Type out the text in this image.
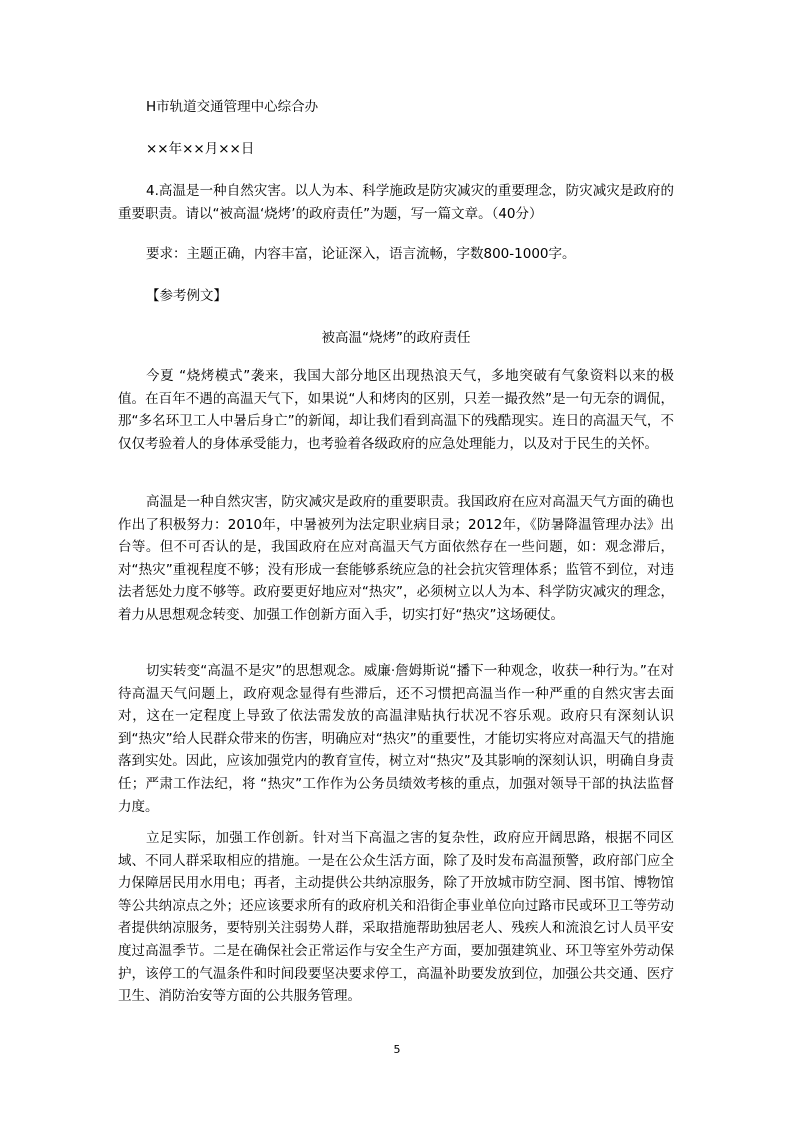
H市轨道交通管理中心综合办
××年××月××日
4.高温是一种自然灾害。以人为本、科学施政是防灾减灾的重要理念，防灾减灾是政府的重要职责。请以“被高温‘烧烤’的政府责任”为题，写一篇文章。（40分）
要求：主题正确，内容丰富，论证深入，语言流畅，字数800-1000字。
【参考例文】
被高温“烧烤”的政府责任
今夏 “烧烤模式”袭来，我国大部分地区出现热浪天气，多地突破有气象资料以来的极值。在百年不遇的高温天气下，如果说“人和烤肉的区别，只差一撮孜然”是一句无奈的调侃，那“多名环卫工人中暑后身亡”的新闻，却让我们看到高温下的残酷现实。连日的高温天气，不仅仅考验着人的身体承受能力，也考验着各级政府的应急处理能力，以及对于民生的关怀。
高温是一种自然灾害，防灾减灾是政府的重要职责。我国政府在应对高温天气方面的确也作出了积极努力：2010年，中暑被列为法定职业病目录；2012年，《防暑降温管理办法》出台等。但不可否认的是，我国政府在应对高温天气方面依然存在一些问题，如：观念滞后，对“热灾”重视程度不够；没有形成一套能够系统应急的社会抗灾管理体系；监管不到位，对违法者惩处力度不够等。政府要更好地应对“热灾”，必须树立以人为本、科学防灾减灾的理念，着力从思想观念转变、加强工作创新方面入手，切实打好“热灾”这场硬仗。
切实转变“高温不是灾”的思想观念。威廉·詹姆斯说“播下一种观念，收获一种行为。”在对待高温天气问题上，政府观念显得有些滞后，还不习惯把高温当作一种严重的自然灾害去面对，这在一定程度上导致了依法需发放的高温津贴执行状况不容乐观。政府只有深刻认识到“热灾”给人民群众带来的伤害，明确应对“热灾”的重要性，才能切实将应对高温天气的措施落到实处。因此，应该加强党内的教育宣传，树立对“热灾”及其影响的深刻认识，明确自身责任；严肃工作法纪，将 “热灾”工作作为公务员绩效考核的重点，加强对领导干部的执法监督力度。
立足实际，加强工作创新。针对当下高温之害的复杂性，政府应开阔思路，根据不同区域、不同人群采取相应的措施。一是在公众生活方面，除了及时发布高温预警，政府部门应全力保障居民用水用电；再者，主动提供公共纳凉服务，除了开放城市防空洞、图书馆、博物馆等公共纳凉点之外；还应该要求所有的政府机关和沿街企事业单位向过路市民或环卫工等劳动者提供纳凉服务，要特别关注弱势人群，采取措施帮助独居老人、残疾人和流浪乞讨人员平安度过高温季节。二是在确保社会正常运作与安全生产方面，要加强建筑业、环卫等室外劳动保护，该停工的气温条件和时间段要坚决要求停工，高温补助要发放到位，加强公共交通、医疗卫生、消防治安等方面的公共服务管理。
5
